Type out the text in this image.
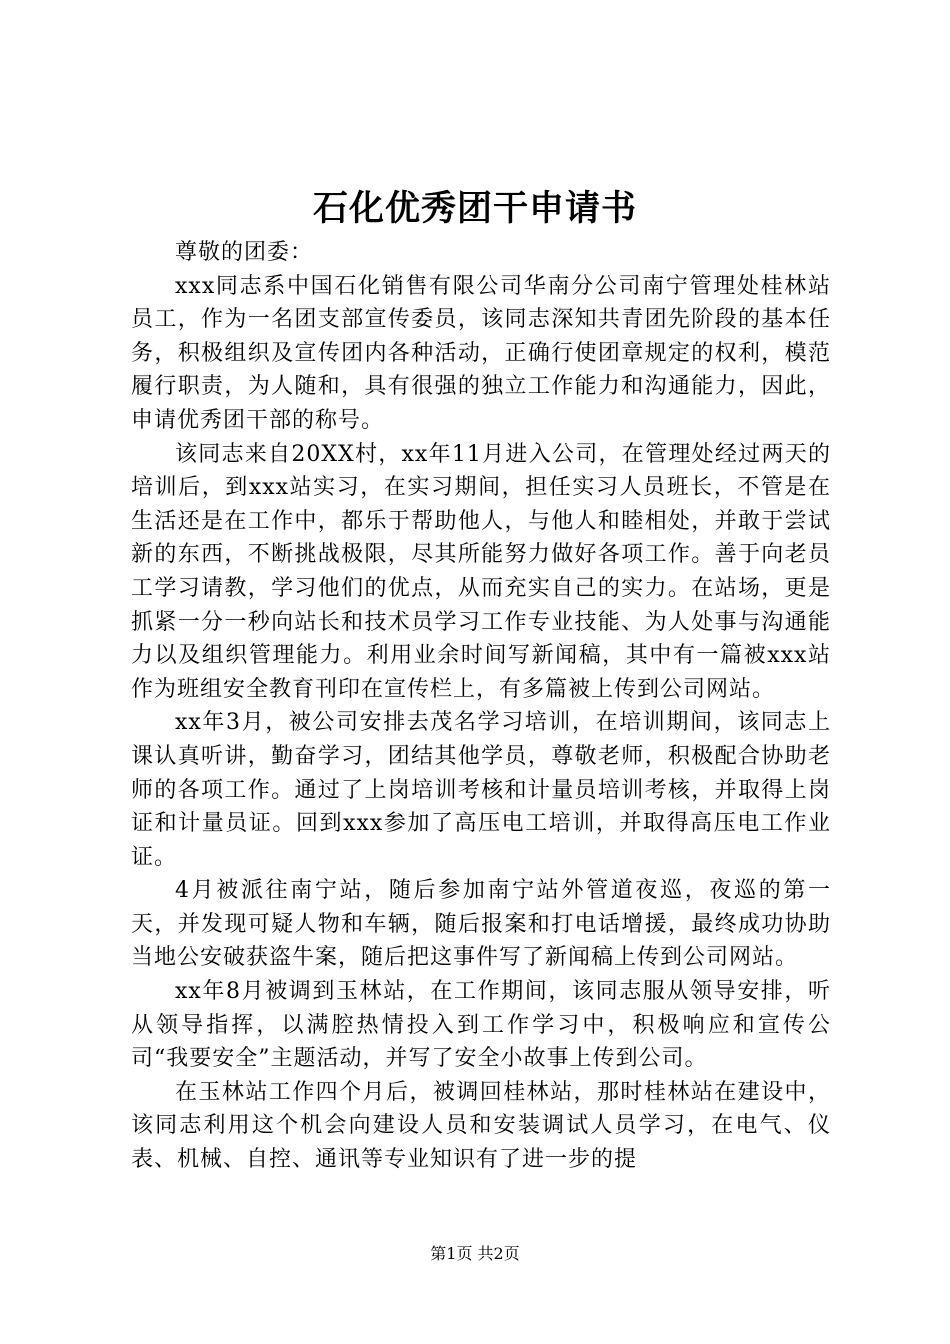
石化优秀团干申请书

尊敬的团委：

xxx同志系中国石化销售有限公司华南分公司南宁管理处桂林站员工，作为一名团支部宣传委员，该同志深知共青团先阶段的基本任务，积极组织及宣传团内各种活动，正确行使团章规定的权利，模范履行职责，为人随和，具有很强的独立工作能力和沟通能力，因此，申请优秀团干部的称号。

该同志来自20XX村，xx年11月进入公司，在管理处经过两天的培训后，到xxx站实习，在实习期间，担任实习人员班长，不管是在生活还是在工作中，都乐于帮助他人，与他人和睦相处，并敢于尝试新的东西，不断挑战极限，尽其所能努力做好各项工作。善于向老员工学习请教，学习他们的优点，从而充实自己的实力。在站场，更是抓紧一分一秒向站长和技术员学习工作专业技能、为人处事与沟通能力以及组织管理能力。利用业余时间写新闻稿，其中有一篇被xxx站作为班组安全教育刊印在宣传栏上，有多篇被上传到公司网站。

xx年3月，被公司安排去茂名学习培训，在培训期间，该同志上课认真听讲，勤奋学习，团结其他学员，尊敬老师，积极配合协助老师的各项工作。通过了上岗培训考核和计量员培训考核，并取得上岗证和计量员证。回到xxx参加了高压电工培训，并取得高压电工作业证。

4月被派往南宁站，随后参加南宁站外管道夜巡，夜巡的第一天，并发现可疑人物和车辆，随后报案和打电话增援，最终成功协助当地公安破获盗牛案，随后把这事件写了新闻稿上传到公司网站。

xx年8月被调到玉林站，在工作期间，该同志服从领导安排，听从领导指挥，以满腔热情投入到工作学习中，积极响应和宣传公司“我要安全”主题活动，并写了安全小故事上传到公司。

在玉林站工作四个月后，被调回桂林站，那时桂林站在建设中，该同志利用这个机会向建设人员和安装调试人员学习，在电气、仪表、机械、自控、通讯等专业知识有了进一步的提

第1页 共2页
